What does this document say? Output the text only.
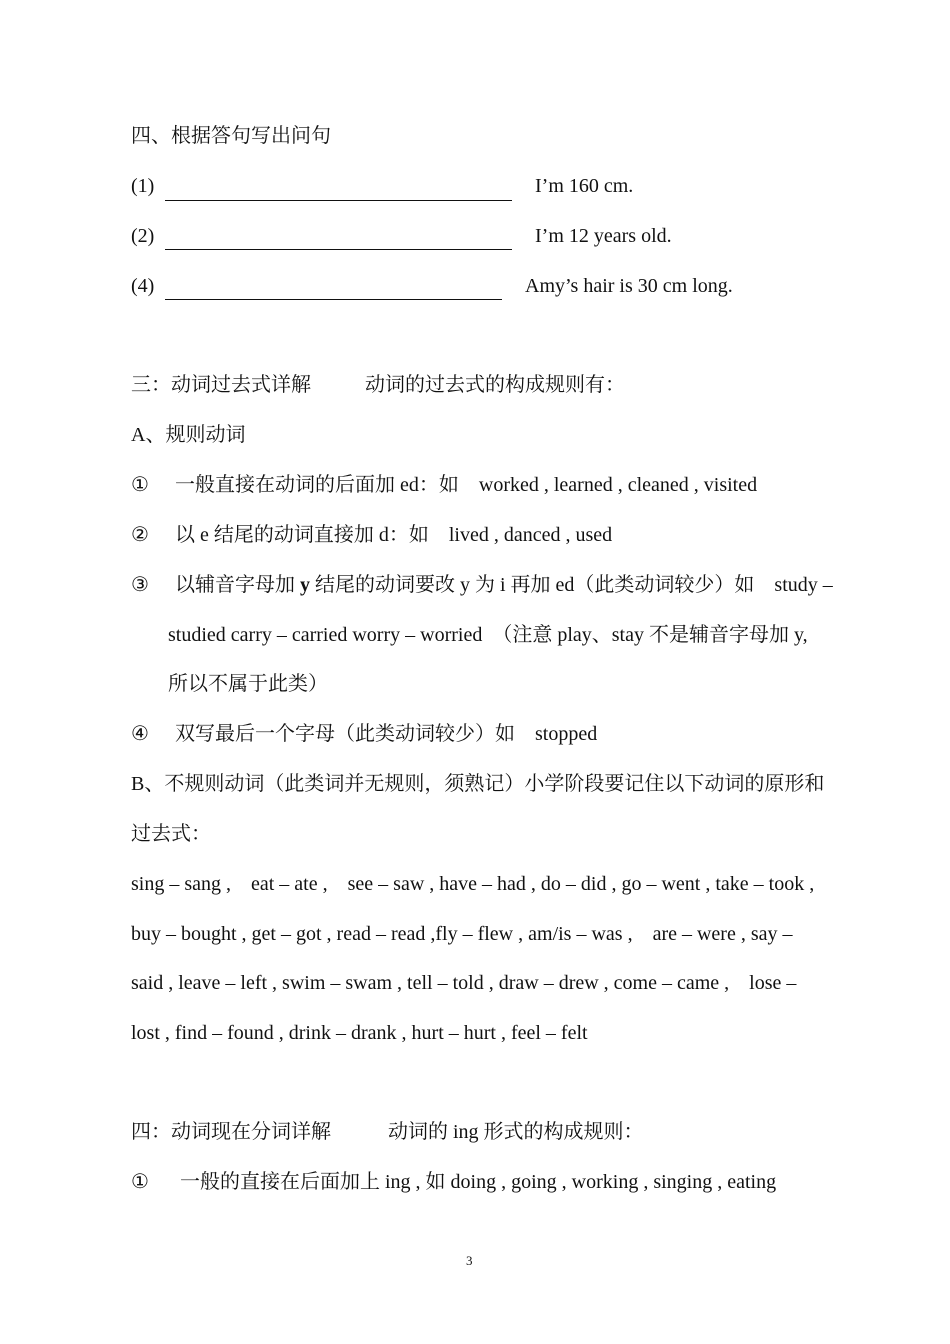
四、根据答句写出问句
(1)	I’m 160 cm.
(2)	I’m 12 years old.
(4)	Amy’s hair is 30 cm long.
三：动词过去式详解	动词的过去式的构成规则有：
A、规则动词
① 一般直接在动词的后面加 ed：如　worked , learned , cleaned , visited
② 以 e 结尾的动词直接加 d：如　lived , danced , used
③ 以辅音字母加 y 结尾的动词要改 y 为 i 再加 ed（此类动词较少）如　study –
studied carry – carried worry – worried　（注意 play、stay 不是辅音字母加 y,
所以不属于此类）
④ 双写最后一个字母（此类动词较少）如　stopped
B、不规则动词（此类词并无规则，须熟记）小学阶段要记住以下动词的原形和
过去式：
sing – sang ,　eat – ate ,　see – saw , have – had , do – did , go – went , take – took ,
buy – bought , get – got , read – read ,fly – flew , am/is – was ,　are – were , say –
said , leave – left , swim – swam , tell – told , draw – drew , come – came ,　lose –
lost , find – found , drink – drank , hurt – hurt , feel – felt
四：动词现在分词详解	动词的 ing 形式的构成规则：
① 一般的直接在后面加上 ing , 如 doing , going , working , singing , eating
3
